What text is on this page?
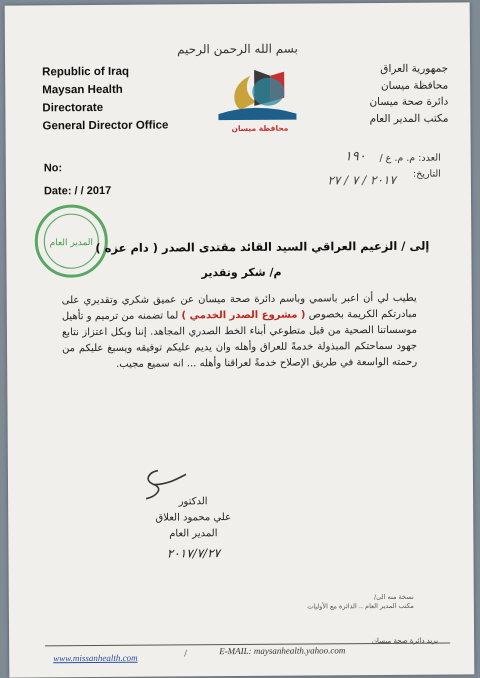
بسم الله الرحمن الرحيم
Republic of Iraq
Maysan Health
Directorate
General Director Office
جمهورية العراق
محافظة ميسان
دائرة صحة ميسان
مكتب المدير العام
محافظة ميسان
No:
Date: / / 2017
العدد: م. م. ع /
١٩٠
التاريخ:
٢٠١٧ / ٧ / ٢٧
المدير العام إلى / الزعيم العراقي السيد القائد مقتدى الصدر ( دام عزه )
م/ شكر وتقدير
يطيب لي أن اعبر باسمي وباسم دائرة صحة ميسان عن عميق شكري وتقديري على مبادرتكم الكريمة بخصوص ( مشروع الصدر الخدمي ) لما تضمنه من ترميم و تأهيل موسساتنا الصحية من قبل متطوعي أبناء الخط الصدري المجاهد. إننا وبكل اعتزاز نتابع جهود سماحتكم المبذولة خدمةً للعراق وأهله وان يديم عليكم توفيقه ويسبغ عليكم من رحمته الواسعة في طريق الإصلاح خدمةً لعراقنا وأهله ... انه سميع مجيب.
الدكتور
علي محمود العلاق
المدير العام
٢٠١٧/٧/٢٧
نسخة منه الى/
مكتب المدير العام .. الدائرة مع الأوليات
بريد دائرة صحة ميسان
www.missanhealth.com	/	E-MAIL: maysanhealth.yahoo.com
